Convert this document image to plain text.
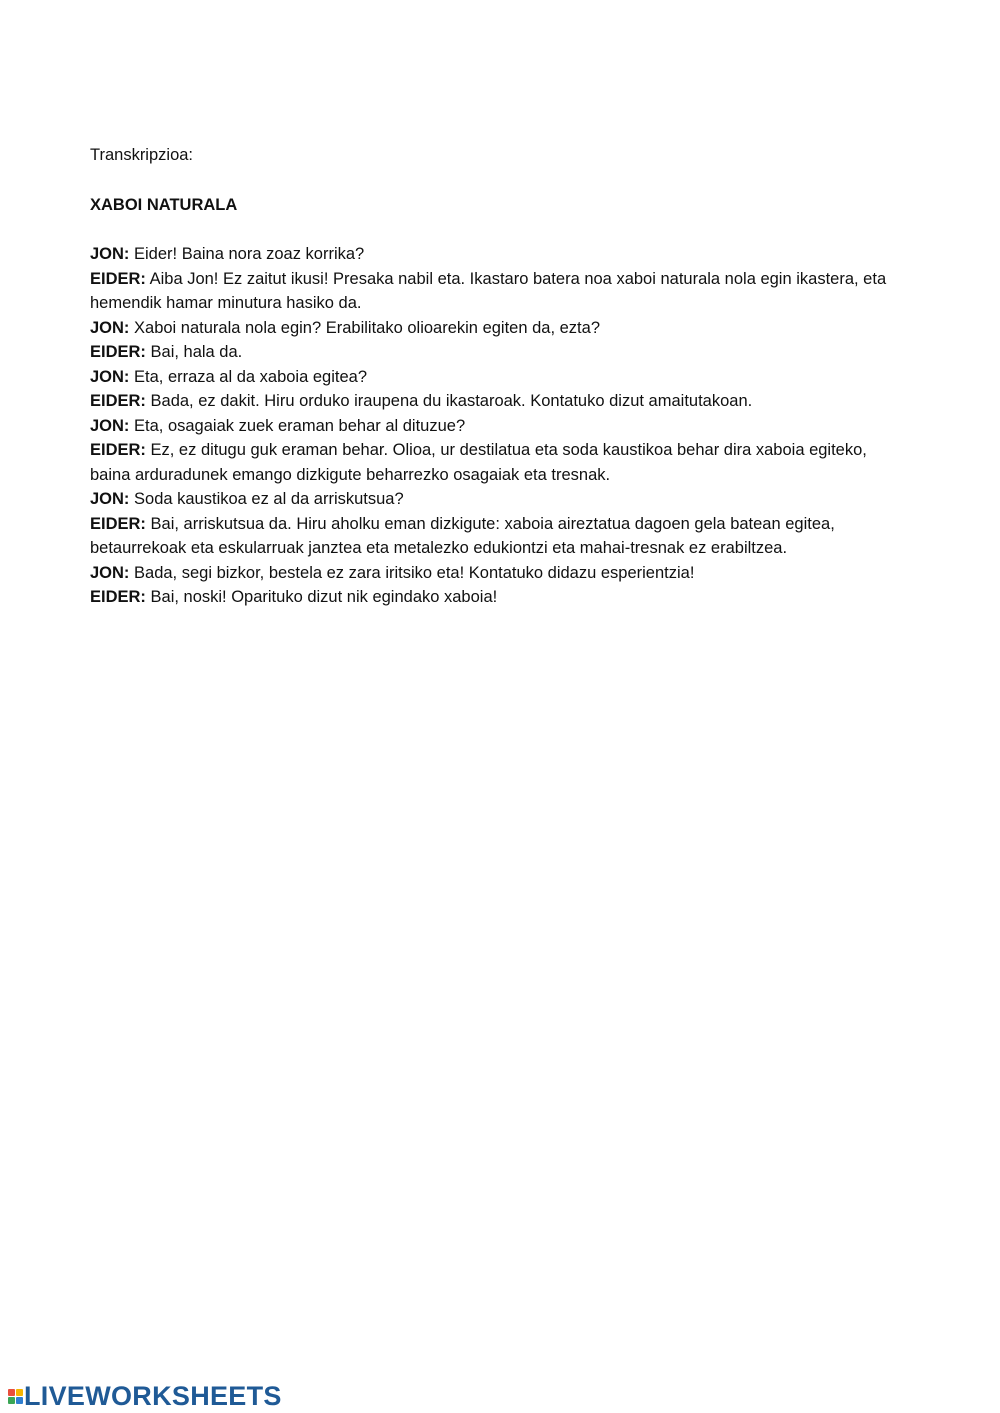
Transkripzioa:

XABOI NATURALA

JON: Eider! Baina nora zoaz korrika?

EIDER: Aiba Jon! Ez zaitut ikusi! Presaka nabil eta. Ikastaro batera noa xaboi naturala nola egin ikastera, eta hemendik hamar minutura hasiko da.

JON: Xaboi naturala nola egin? Erabilitako olioarekin egiten da, ezta?

EIDER: Bai, hala da.

JON: Eta, erraza al da xaboia egitea?

EIDER: Bada, ez dakit. Hiru orduko iraupena du ikastaroak. Kontatuko dizut amaitutakoan.

JON: Eta, osagaiak zuek eraman behar al dituzue?

EIDER: Ez, ez ditugu guk eraman behar. Olioa, ur destilatua eta soda kaustikoa behar dira xaboia egiteko, baina arduradunek emango dizkigute beharrezko osagaiak eta tresnak.

JON: Soda kaustikoa ez al da arriskutsua?

EIDER: Bai, arriskutsua da. Hiru aholku eman dizkigute: xaboia aireztatua dagoen gela batean egitea,

betaurrekoak eta eskularruak janztea eta metalezko edukiontzi eta mahai-tresnak ez erabiltzea.

JON: Bada, segi bizkor, bestela ez zara iritsiko eta! Kontatuko didazu esperientzia!

EIDER: Bai, noski! Oparituko dizut nik egindako xaboia!

LIVEWORKSHEETS
